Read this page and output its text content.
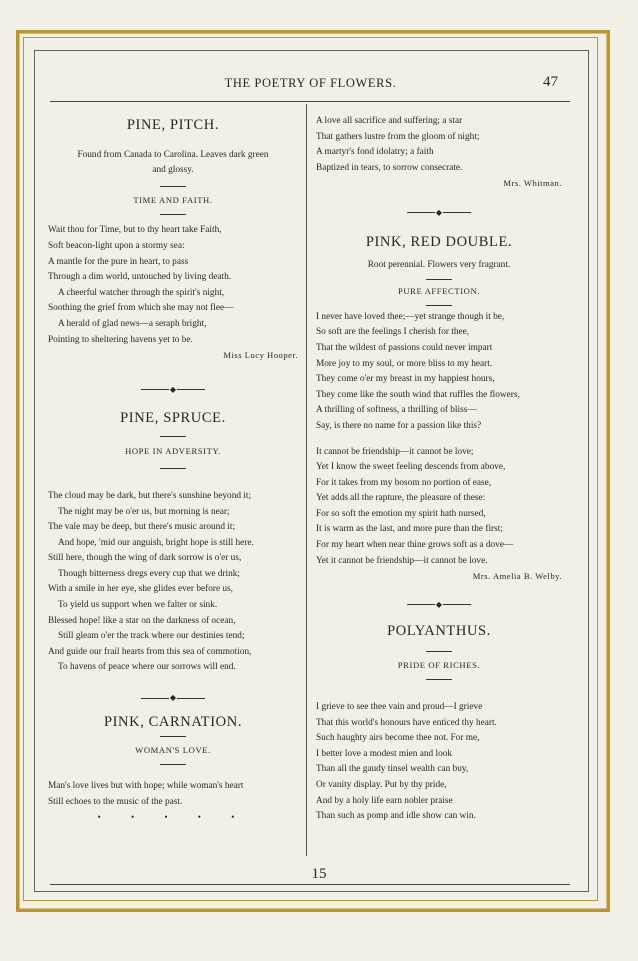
THE POETRY OF FLOWERS.	47
15
PINE, PITCH.
Found from Canada to Carolina. Leaves dark green
and glossy.
TIME AND FAITH.
Wait thou for Time, but to thy heart take Faith,
Soft beacon-light upon a stormy sea:
A mantle for the pure in heart, to pass
Through a dim world, untouched by living death.
A cheerful watcher through the spirit's night,
Soothing the grief from which she may not flee—
A herald of glad news—a seraph bright,
Pointing to sheltering havens yet to be.
Miss Lucy Hooper.
◆
PINE, SPRUCE.
HOPE IN ADVERSITY.
The cloud may be dark, but there's sunshine beyond it;
The night may be o'er us, but morning is near;
The vale may be deep, but there's music around it;
And hope, 'mid our anguish, bright hope is still here.
Still here, though the wing of dark sorrow is o'er us,
Though bitterness dregs every cup that we drink;
With a smile in her eye, she glides ever before us,
To yield us support when we falter or sink.
Blessed hope! like a star on the darkness of ocean,
Still gleam o'er the track where our destinies tend;
And guide our frail hearts from this sea of commotion,
To havens of peace where our sorrows will end.
◆
PINK, CARNATION.
WOMAN'S LOVE.
Man's love lives but with hope; while woman's heart
Still echoes to the music of the past.
• • • • •
A love all sacrifice and suffering; a star
That gathers lustre from the gloom of night;
A martyr's fond idolatry; a faith
Baptized in tears, to sorrow consecrate.
Mrs. Whitman.
◆
PINK, RED DOUBLE.
Root perennial. Flowers very fragrant.
PURE AFFECTION.
I never have loved thee;—yet strange though it be,
So soft are the feelings I cherish for thee,
That the wildest of passions could never impart
More joy to my soul, or more bliss to my heart.
They come o'er my breast in my happiest hours,
They come like the south wind that ruffles the flowers,
A thrilling of softness, a thrilling of bliss—
Say, is there no name for a passion like this?
It cannot be friendship—it cannot be love;
Yet I know the sweet feeling descends from above,
For it takes from my bosom no portion of ease,
Yet adds all the rapture, the pleasure of these:
For so soft the emotion my spirit hath nursed,
It is warm as the last, and more pure than the first;
For my heart when near thine grows soft as a dove—
Yet it cannot be friendship—it cannot be love.
Mrs. Amelia B. Welby.
◆
POLYANTHUS.
PRIDE OF RICHES.
I grieve to see thee vain and proud—I grieve
That this world's honours have enticed thy heart.
Such haughty airs become thee not. For me,
I better love a modest mien and look
Than all the gaudy tinsel wealth can buy,
Or vanity display. Put by thy pride,
And by a holy life earn nobler praise
Than such as pomp and idle show can win.
